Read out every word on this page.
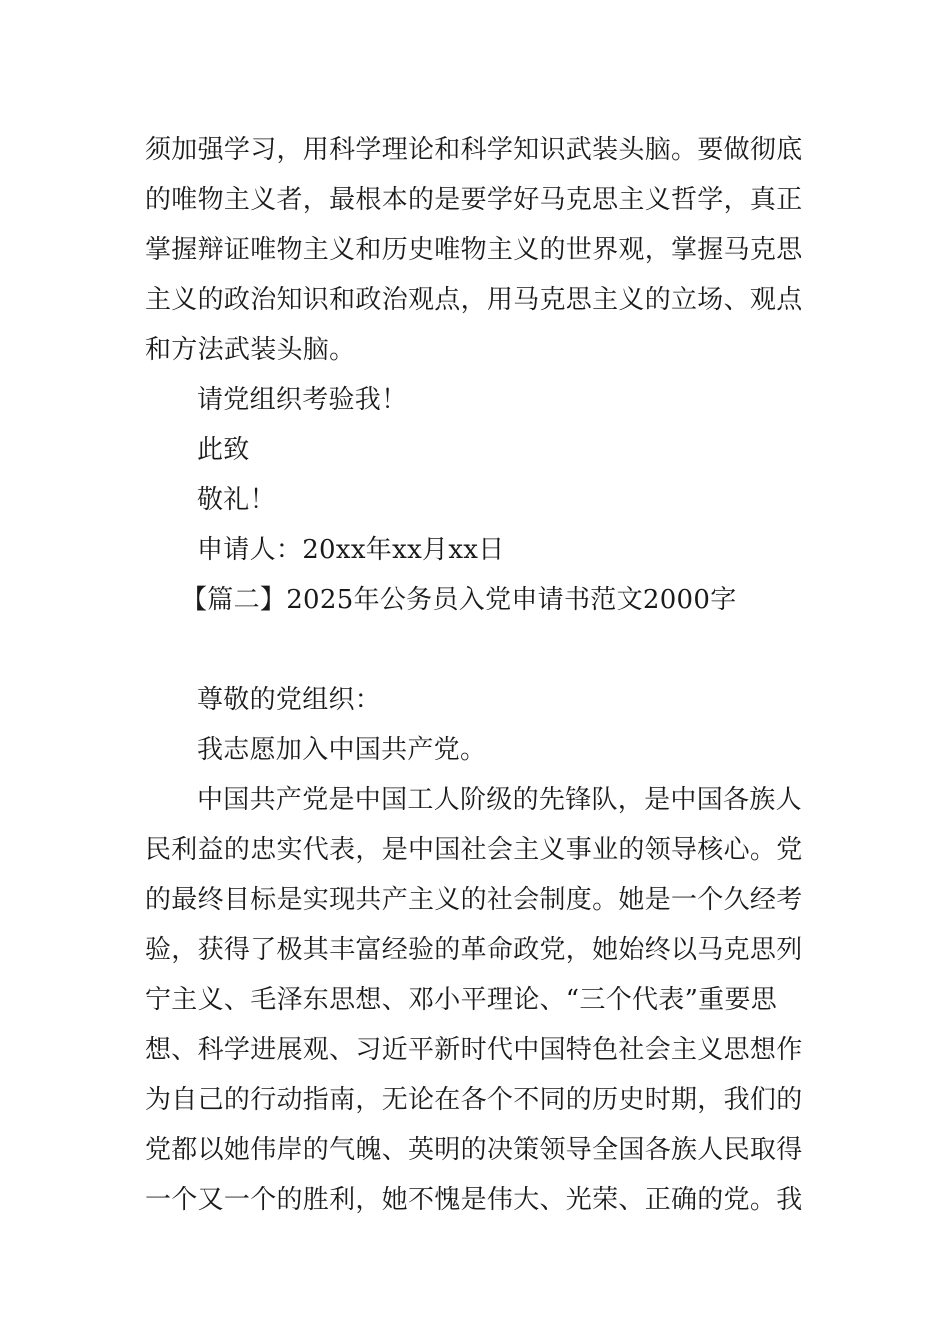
须加强学习，用科学理论和科学知识武装头脑。要做彻底
的唯物主义者，最根本的是要学好马克思主义哲学，真正
掌握辩证唯物主义和历史唯物主义的世界观，掌握马克思
主义的政治知识和政治观点，用马克思主义的立场、观点
和方法武装头脑。
请党组织考验我！
此致
敬礼！
申请人：20xx年xx月xx日
【篇二】2025年公务员入党申请书范文2000字
尊敬的党组织：
我志愿加入中国共产党。
中国共产党是中国工人阶级的先锋队，是中国各族人
民利益的忠实代表，是中国社会主义事业的领导核心。党
的最终目标是实现共产主义的社会制度。她是一个久经考
验，获得了极其丰富经验的革命政党，她始终以马克思列
宁主义、毛泽东思想、邓小平理论、“三个代表”重要思
想、科学进展观、习近平新时代中国特色社会主义思想作
为自己的行动指南，无论在各个不同的历史时期，我们的
党都以她伟岸的气魄、英明的决策领导全国各族人民取得
一个又一个的胜利，她不愧是伟大、光荣、正确的党。我
